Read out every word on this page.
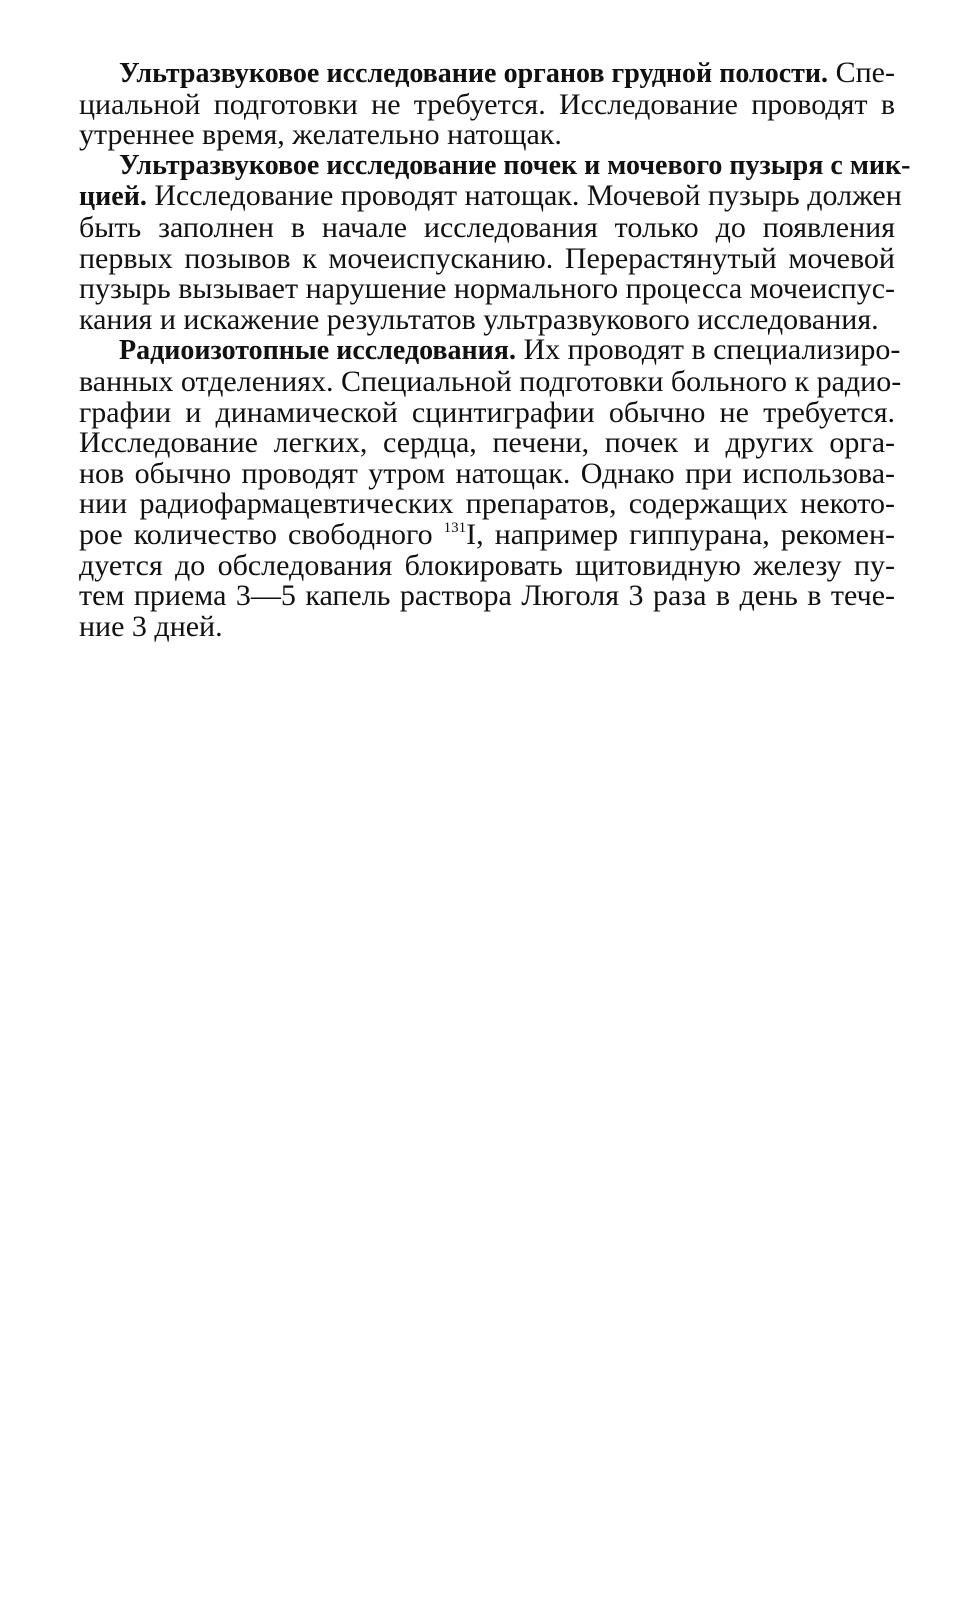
Ультразвуковое исследование органов грудной полости. Спе-
циальной подготовки не требуется. Исследование проводят в
утреннее время, желательно натощак.
Ультразвуковое исследование почек и мочевого пузыря с мик-
цией. Исследование проводят натощак. Мочевой пузырь должен
быть заполнен в начале исследования только до появления
первых позывов к мочеиспусканию. Перерастянутый мочевой
пузырь вызывает нарушение нормального процесса мочеиспус-
кания и искажение результатов ультразвукового исследования.
Радиоизотопные исследования. Их проводят в специализиро-
ванных отделениях. Специальной подготовки больного к радио-
графии и динамической сцинтиграфии обычно не требуется.
Исследование легких, сердца, печени, почек и других орга-
нов обычно проводят утром натощак. Однако при использова-
нии радиофармацевтических препаратов, содержащих некото-
рое количество свободного $^{131}$I, например гиппурана, рекомен-
дуется до обследования блокировать щитовидную железу пу-
тем приема 3—5 капель раствора Люголя 3 раза в день в тече-
ние 3 дней.
